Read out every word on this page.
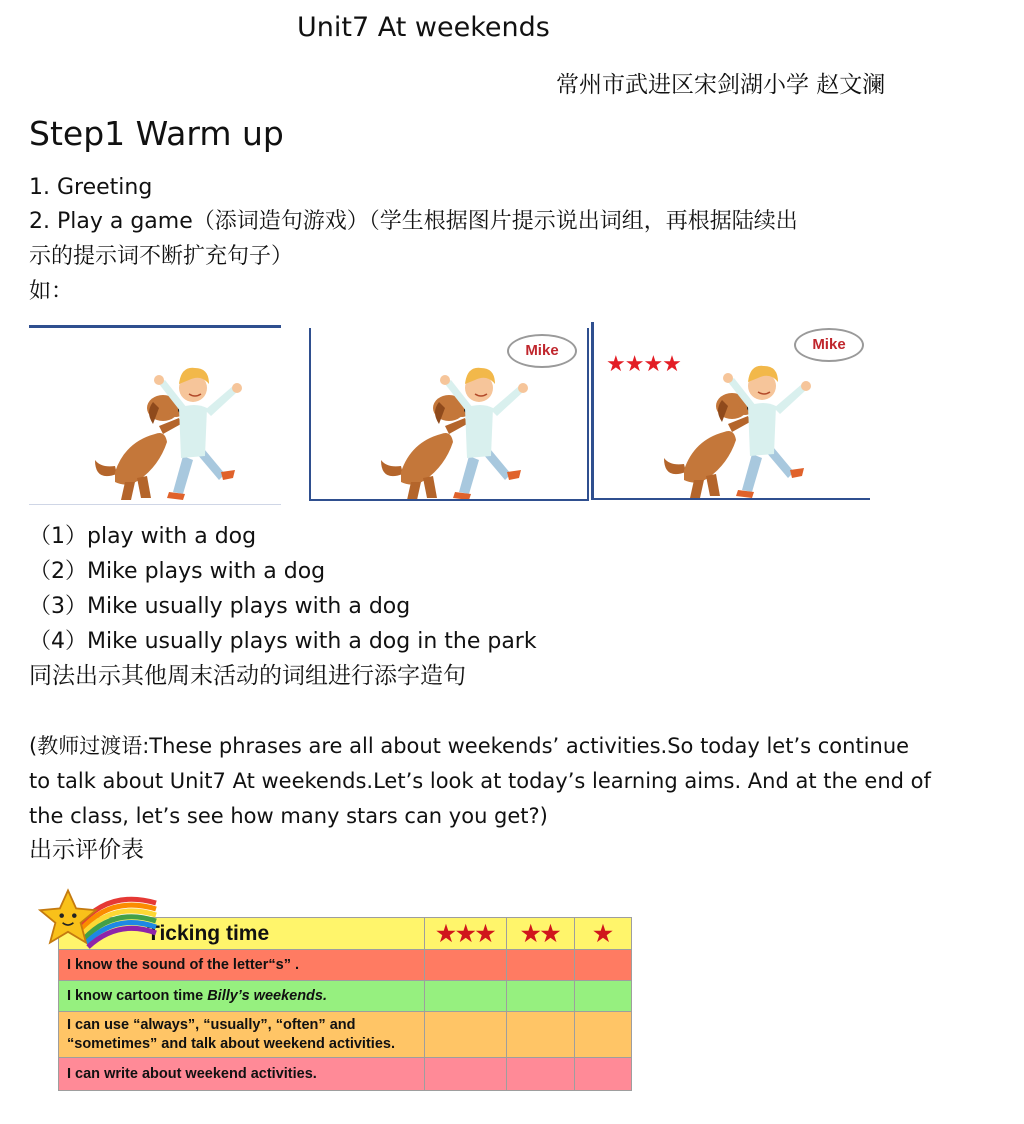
Unit7 At weekends
常州市武进区宋剑湖小学 赵文澜
Step1 Warm up
1. Greeting
2. Play a game（添词造句游戏）（学生根据图片提示说出词组，再根据陆续出
示的提示词不断扩充句子）
如：
Mike
★★★★
Mike
（1）play with a dog
（2）Mike plays with a dog
（3）Mike usually plays with a dog
（4）Mike usually plays with a dog in the park
同法出示其他周末活动的词组进行添字造句
(教师过渡语:These phrases are all about weekends’ activities.So today let’s continue
to talk about Unit7 At weekends.Let’s look at today’s learning aims. And at the end of
the class, let’s see how many stars can you get?)
出示评价表
Ticking time	★★★	★★	★
I know the sound of the letter“s” .			
I know cartoon time Billy’s weekends.			
I can use “always”, “usually”, “often” and
“sometimes” and talk about weekend activities.			
I can write about weekend activities.			
